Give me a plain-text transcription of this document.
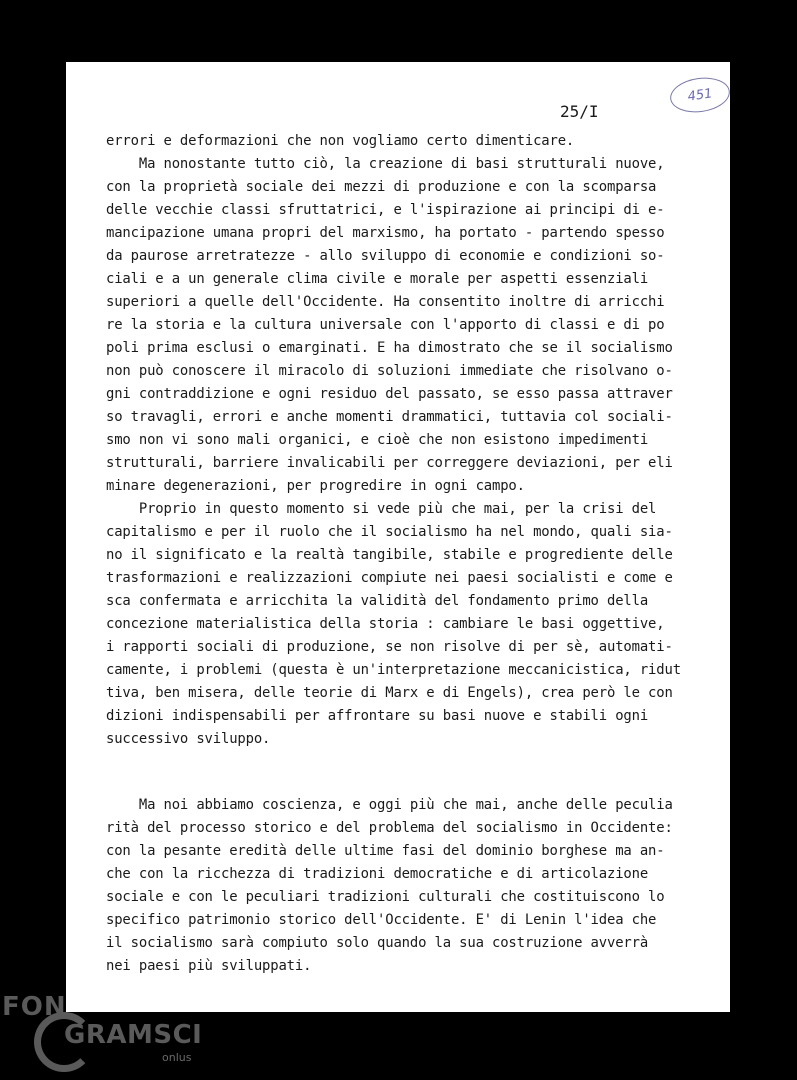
25/I

451

errori e deformazioni che non vogliamo certo dimenticare.

Ma nonostante tutto ciò, la creazione di basi strutturali nuove,

con la proprietà sociale dei mezzi di produzione e con la scomparsa

delle vecchie classi sfruttatrici, e l'ispirazione ai principi di e-

mancipazione umana propri del marxismo, ha portato - partendo spesso

da paurose arretratezze - allo sviluppo di economie e condizioni so-

ciali e a un generale clima civile e morale per aspetti essenziali

superiori a quelle dell'Occidente. Ha consentito inoltre di arricchi

re la storia e la cultura universale con l'apporto di classi e di po

poli prima esclusi o emarginati. E ha dimostrato che se il socialismo

non può conoscere il miracolo di soluzioni immediate che risolvano o-

gni contraddizione e ogni residuo del passato, se esso passa attraver

so travagli, errori e anche momenti drammatici, tuttavia col sociali-

smo non vi sono mali organici, e cioè che non esistono impedimenti

strutturali, barriere invalicabili per correggere deviazioni, per eli

minare degenerazioni, per progredire in ogni campo.

Proprio in questo momento si vede più che mai, per la crisi del

capitalismo e per il ruolo che il socialismo ha nel mondo, quali sia-

no il significato e la realtà tangibile, stabile e progrediente delle

trasformazioni e realizzazioni compiute nei paesi socialisti e come e

sca confermata e arricchita la validità del fondamento primo della

concezione materialistica della storia : cambiare le basi oggettive,

i rapporti sociali di produzione, se non risolve di per sè, automati-

camente, i problemi (questa è un'interpretazione meccanicistica, ridut

tiva, ben misera, delle teorie di Marx e di Engels), crea però le con

dizioni indispensabili per affrontare su basi nuove e stabili ogni

successivo sviluppo.

Ma noi abbiamo coscienza, e oggi più che mai, anche delle peculia

rità del processo storico e del problema del socialismo in Occidente:

con la pesante eredità delle ultime fasi del dominio borghese ma an-

che con la ricchezza di tradizioni democratiche e di articolazione

sociale e con le peculiari tradizioni culturali che costituiscono lo

specifico patrimonio storico dell'Occidente. E' di Lenin l'idea che

il socialismo sarà compiuto solo quando la sua costruzione avverrà

nei paesi più sviluppati.

FON

GRAMSCI

onlus
